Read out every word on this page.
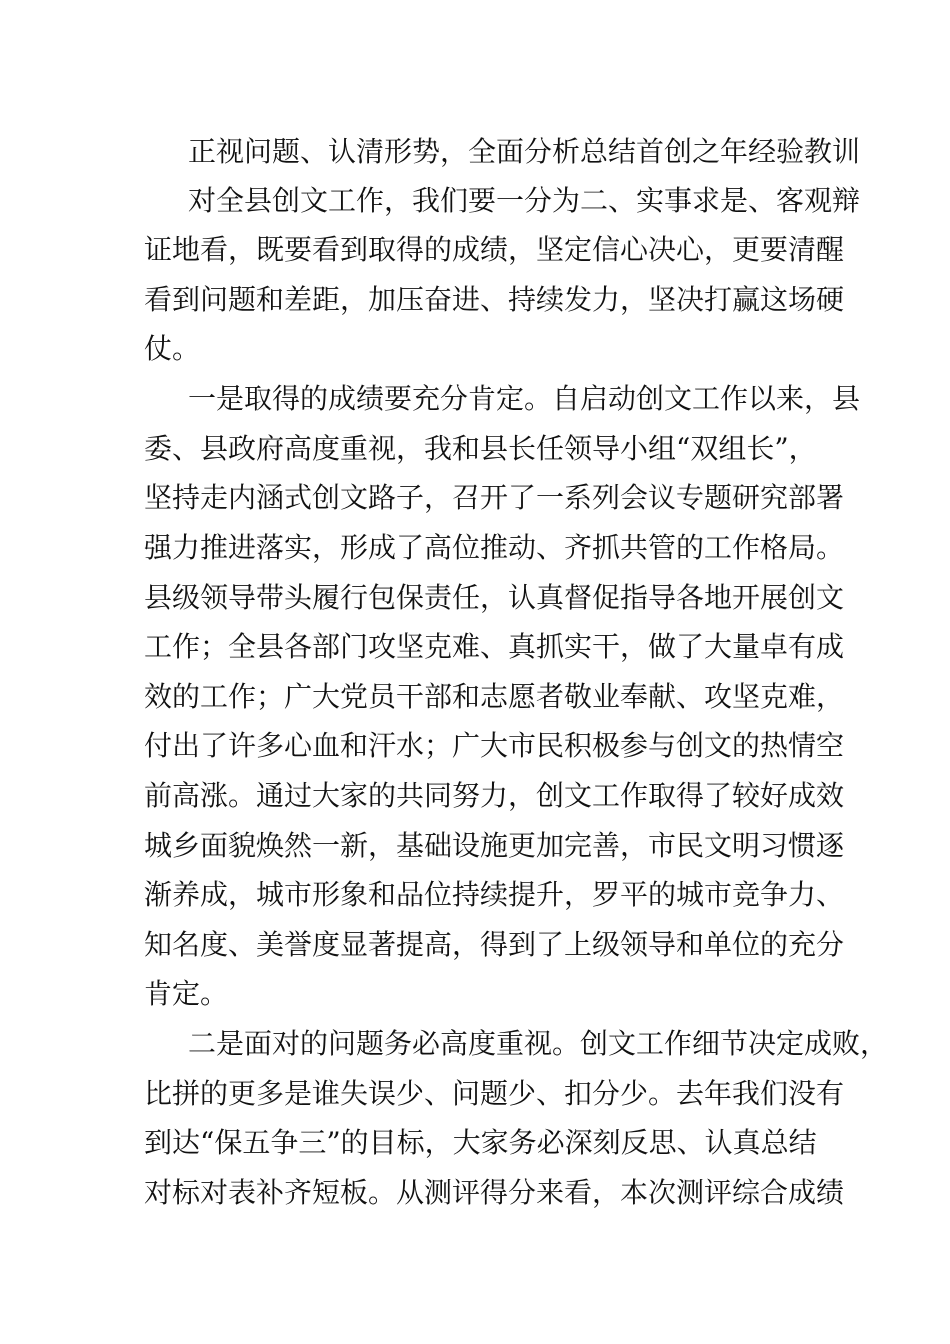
正视问题、认清形势，全面分析总结首创之年经验教训
对全县创文工作，我们要一分为二、实事求是、客观辩
证地看，既要看到取得的成绩，坚定信心决心，更要清醒
看到问题和差距，加压奋进、持续发力，坚决打赢这场硬
仗。
一是取得的成绩要充分肯定。自启动创文工作以来，县
委、县政府高度重视，我和县长任领导小组“双组长”，
坚持走内涵式创文路子，召开了一系列会议专题研究部署
强力推进落实，形成了高位推动、齐抓共管的工作格局。
县级领导带头履行包保责任，认真督促指导各地开展创文
工作；全县各部门攻坚克难、真抓实干，做了大量卓有成
效的工作；广大党员干部和志愿者敬业奉献、攻坚克难，
付出了许多心血和汗水；广大市民积极参与创文的热情空
前高涨。通过大家的共同努力，创文工作取得了较好成效
城乡面貌焕然一新，基础设施更加完善，市民文明习惯逐
渐养成，城市形象和品位持续提升，罗平的城市竞争力、
知名度、美誉度显著提高，得到了上级领导和单位的充分
肯定。
二是面对的问题务必高度重视。创文工作细节决定成败，
比拼的更多是谁失误少、问题少、扣分少。去年我们没有
到达“保五争三”的目标，大家务必深刻反思、认真总结
对标对表补齐短板。从测评得分来看，本次测评综合成绩
